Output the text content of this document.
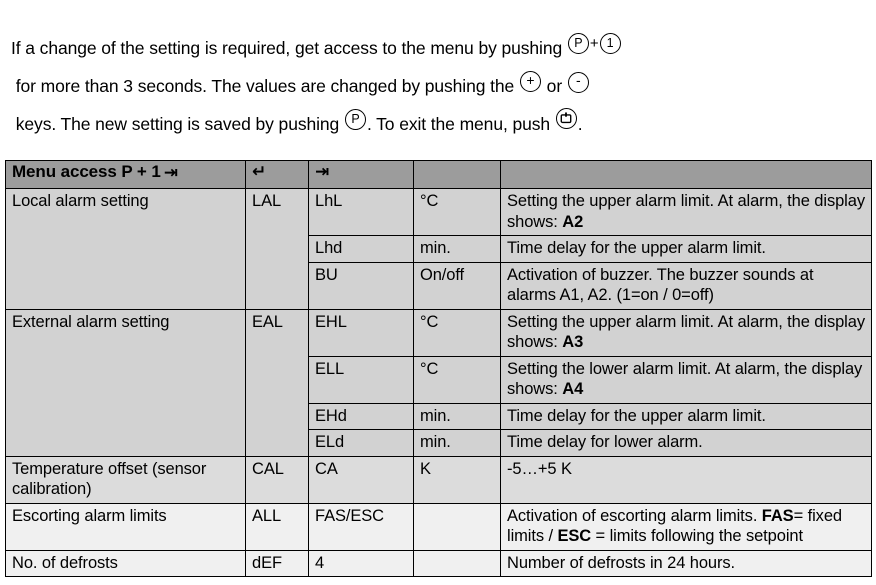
If a change of the setting is required, get access to the menu by pushing P + 1 for more than 3 seconds. The values are changed by pushing the + or - keys. The new setting is saved by pushing P . To exit the menu, push
.

Menu access P + 1 ⇥	↵	⇥		
Local alarm setting	LAL	LhL	°C	Setting the upper alarm limit. At alarm, the display shows: A2
		Lhd	min.	Time delay for the upper alarm limit.
		BU	On/off	Activation of buzzer. The buzzer sounds at alarms A1, A2. (1=on / 0=off)
External alarm setting	EAL	EHL	°C	Setting the upper alarm limit. At alarm, the display shows: A3
		ELL	°C	Setting the lower alarm limit. At alarm, the display shows: A4
		EHd	min.	Time delay for the upper alarm limit.
		ELd	min.	Time delay for lower alarm.
Temperature offset (sensor calibration)	CAL	CA	K	-5…+5 K
Escorting alarm limits	ALL	FAS/ESC		Activation of escorting alarm limits. FAS= fixed limits / ESC = limits following the setpoint
No. of defrosts	dEF	4		Number of defrosts in 24 hours.
